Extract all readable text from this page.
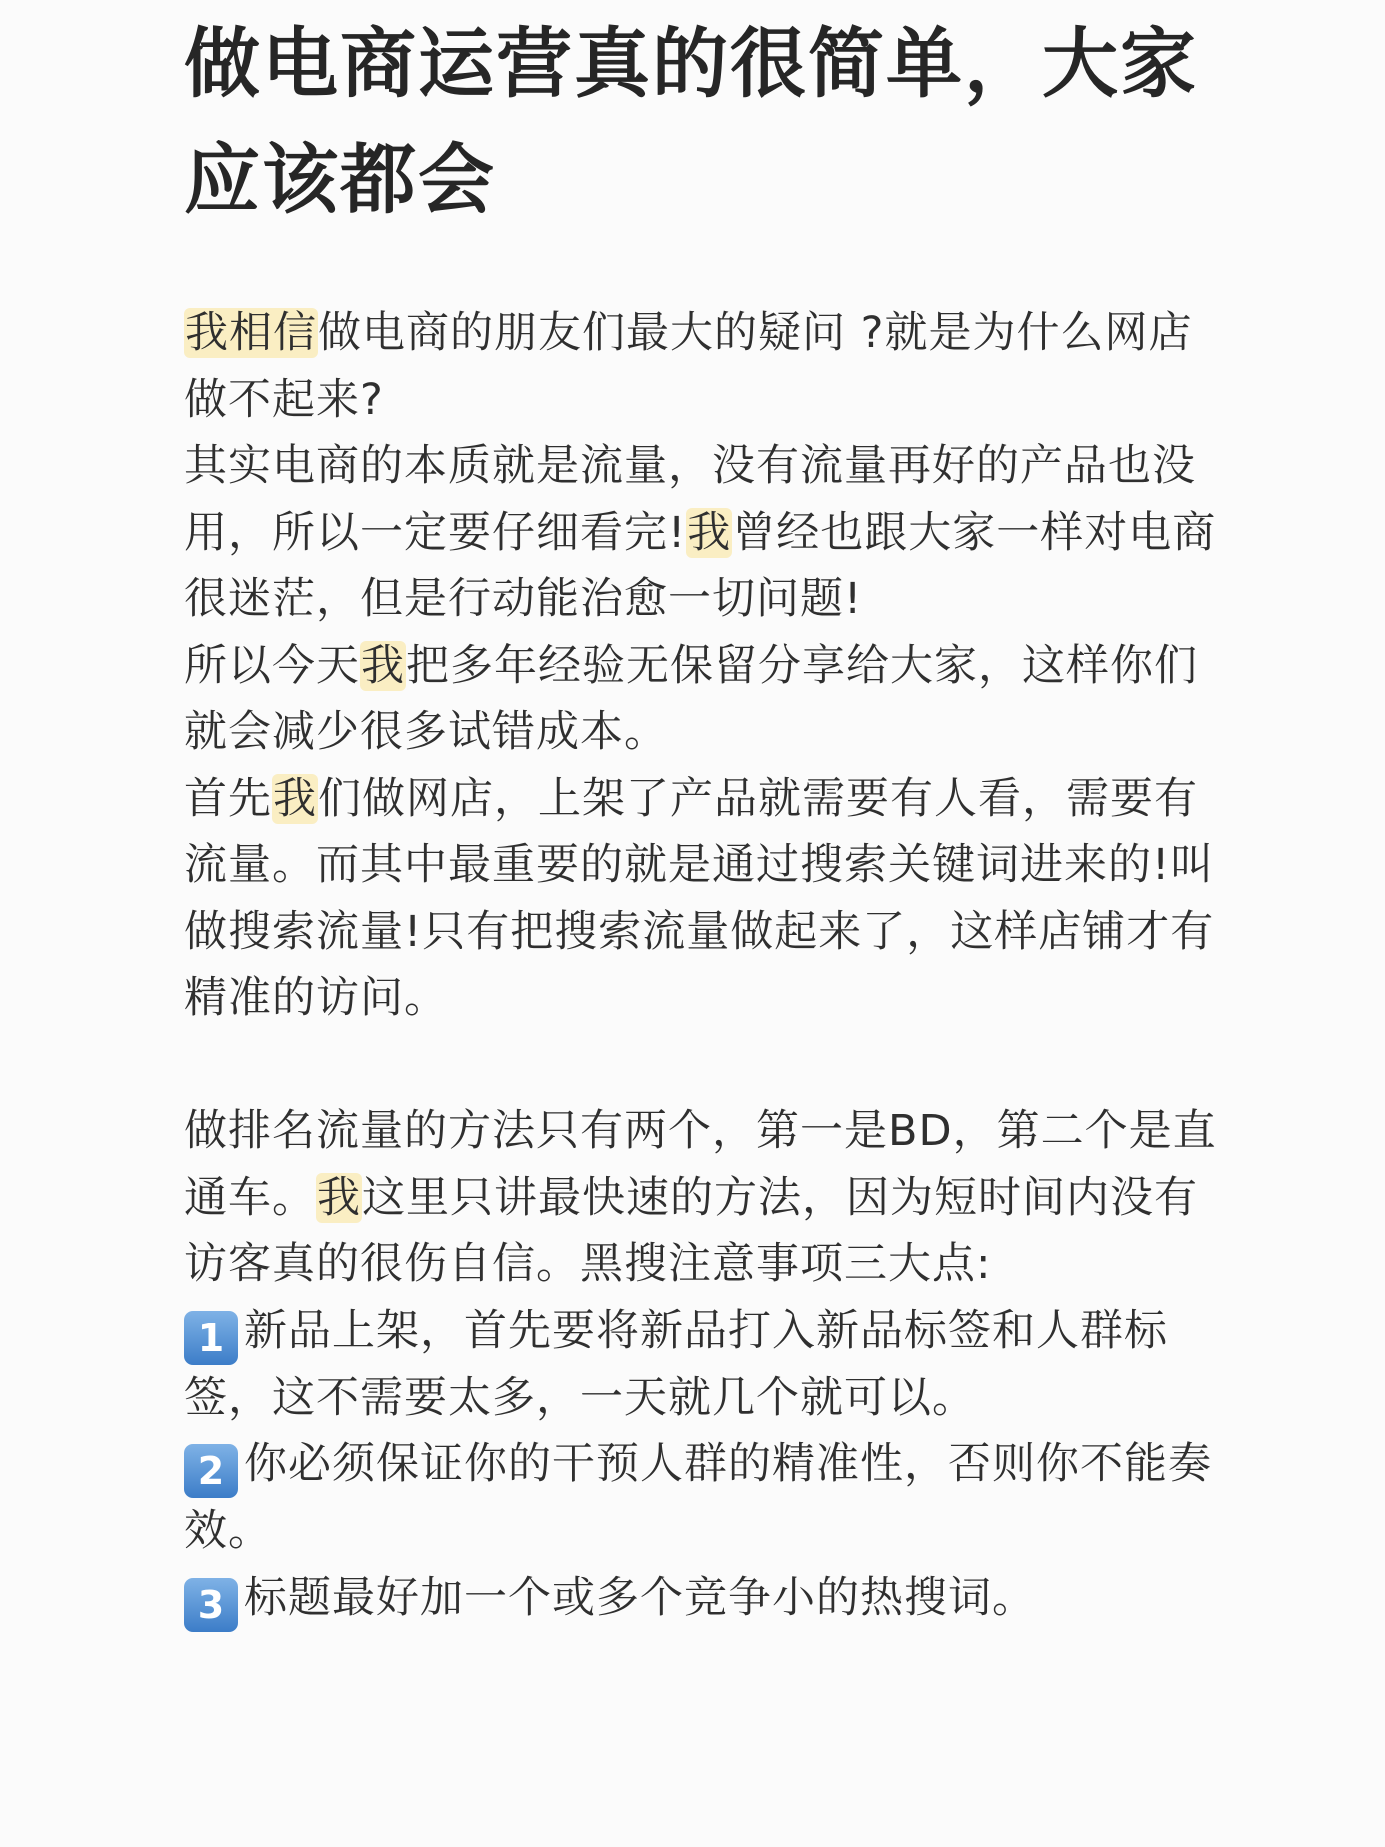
做电商运营真的很简单，大家应该都会

我相信做电商的朋友们最大的疑问 ?就是为什么网店做不起来?

其实电商的本质就是流量，没有流量再好的产品也没用，所以一定要仔细看完!我曾经也跟大家一样对电商很迷茫，但是行动能治愈一切问题!

所以今天我把多年经验无保留分享给大家，这样你们就会减少很多试错成本。

首先我们做网店，上架了产品就需要有人看，需要有流量。而其中最重要的就是通过搜索关键词进来的!叫做搜索流量!只有把搜索流量做起来了，这样店铺才有精准的访问。

做排名流量的方法只有两个，第一是BD，第二个是直通车。我这里只讲最快速的方法，因为短时间内没有访客真的很伤自信。黑搜注意事项三大点:

1 新品上架，首先要将新品打入新品标签和人群标签，这不需要太多，一天就几个就可以。

2 你必须保证你的干预人群的精准性，否则你不能奏效。

3 标题最好加一个或多个竞争小的热搜词。
